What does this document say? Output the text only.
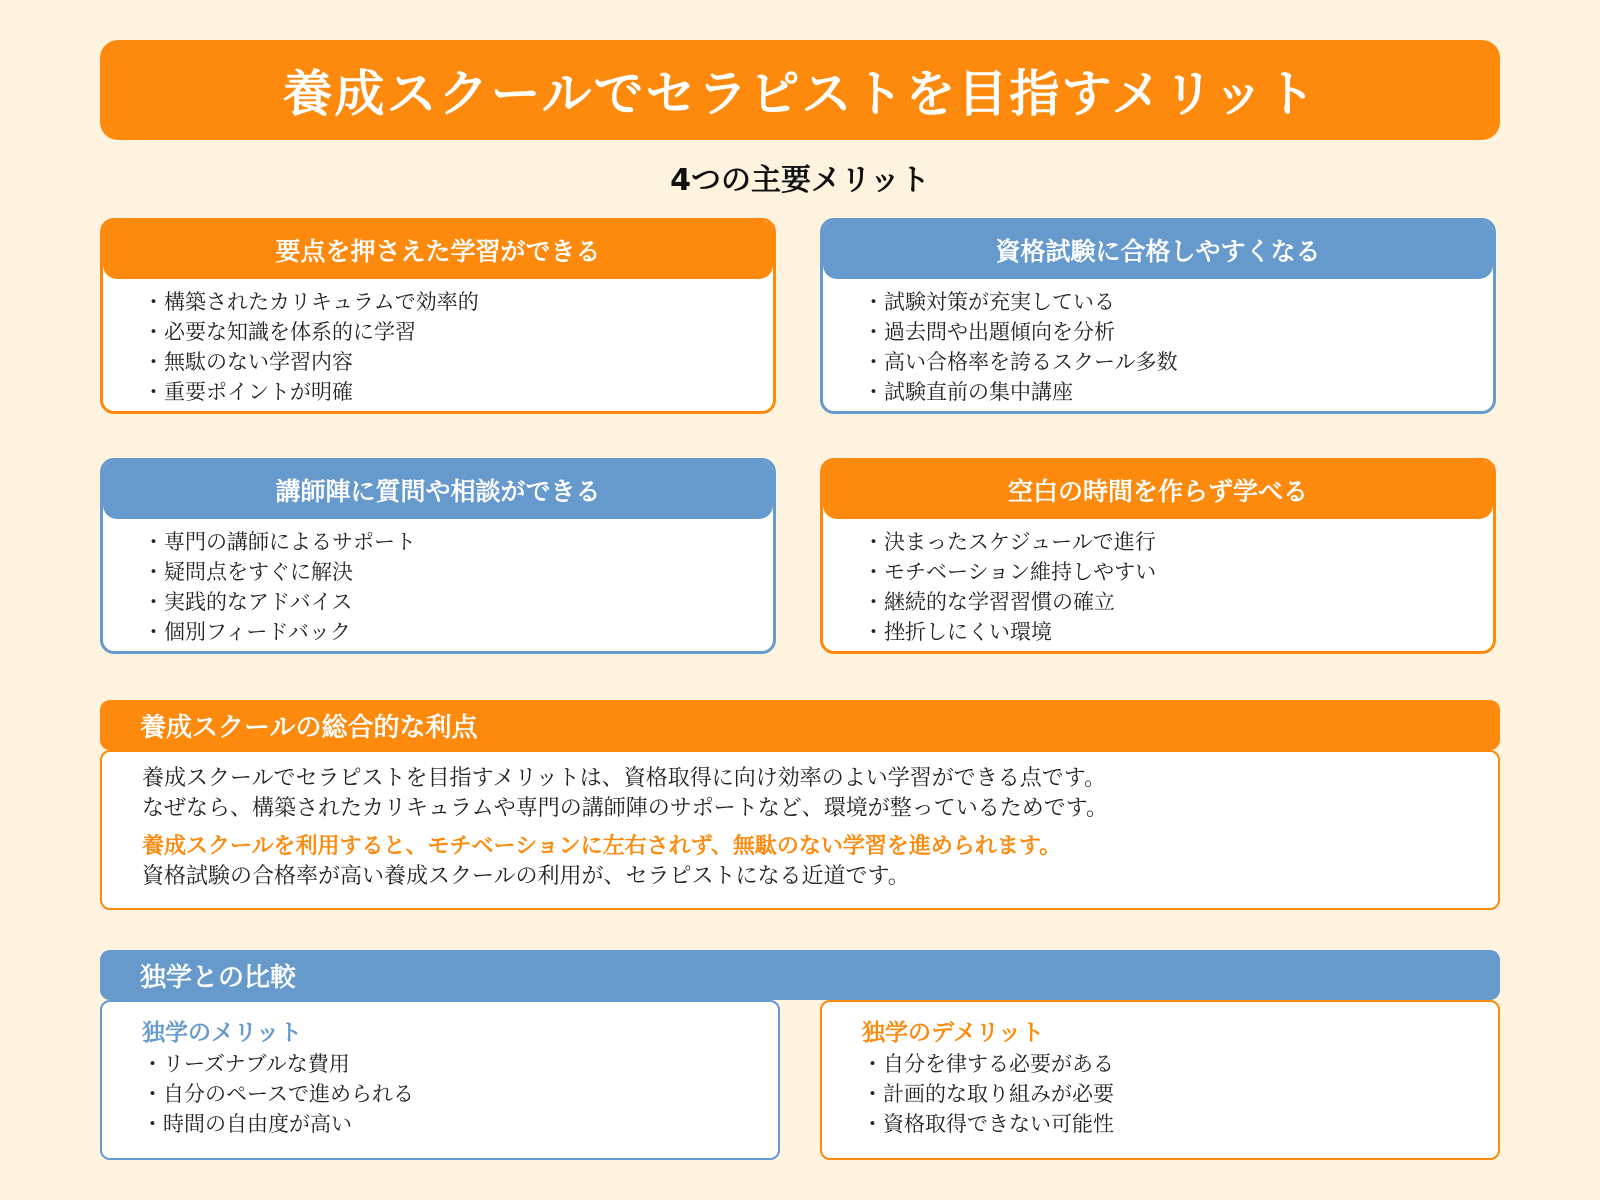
養成スクールでセラピストを目指すメリット
4つの主要メリット
要点を押さえた学習ができる
・ 構築されたカリキュラムで効率的
・ 必要な知識を体系的に学習
・ 無駄のない学習内容
・ 重要ポイントが明確
資格試験に合格しやすくなる
・ 試験対策が充実している
・ 過去問や出題傾向を分析
・ 高い合格率を誇るスクール多数
・ 試験直前の集中講座
講師陣に質問や相談ができる
・ 専門の講師によるサポート
・ 疑問点をすぐに解決
・ 実践的なアドバイス
・ 個別フィードバック
空白の時間を作らず学べる
・ 決まったスケジュールで進行
・ モチベーション維持しやすい
・ 継続的な学習習慣の確立
・ 挫折しにくい環境
養成スクールの総合的な利点

養成スクールでセラピストを目指すメリットは、資格取得に向け効率のよい学習ができる点です。

なぜなら、構築されたカリキュラムや専門の講師陣のサポートなど、環境が整っているためです。

養成スクールを利用すると、モチベーションに左右されず、無駄のない学習を進められます。

資格試験の合格率が高い養成スクールの利用が、セラピストになる近道です。

独学との比較
独学のメリット
・ リーズナブルな費用
・ 自分のペースで進められる
・ 時間の自由度が高い
独学のデメリット
・ 自分を律する必要がある
・ 計画的な取り組みが必要
・ 資格取得できない可能性
